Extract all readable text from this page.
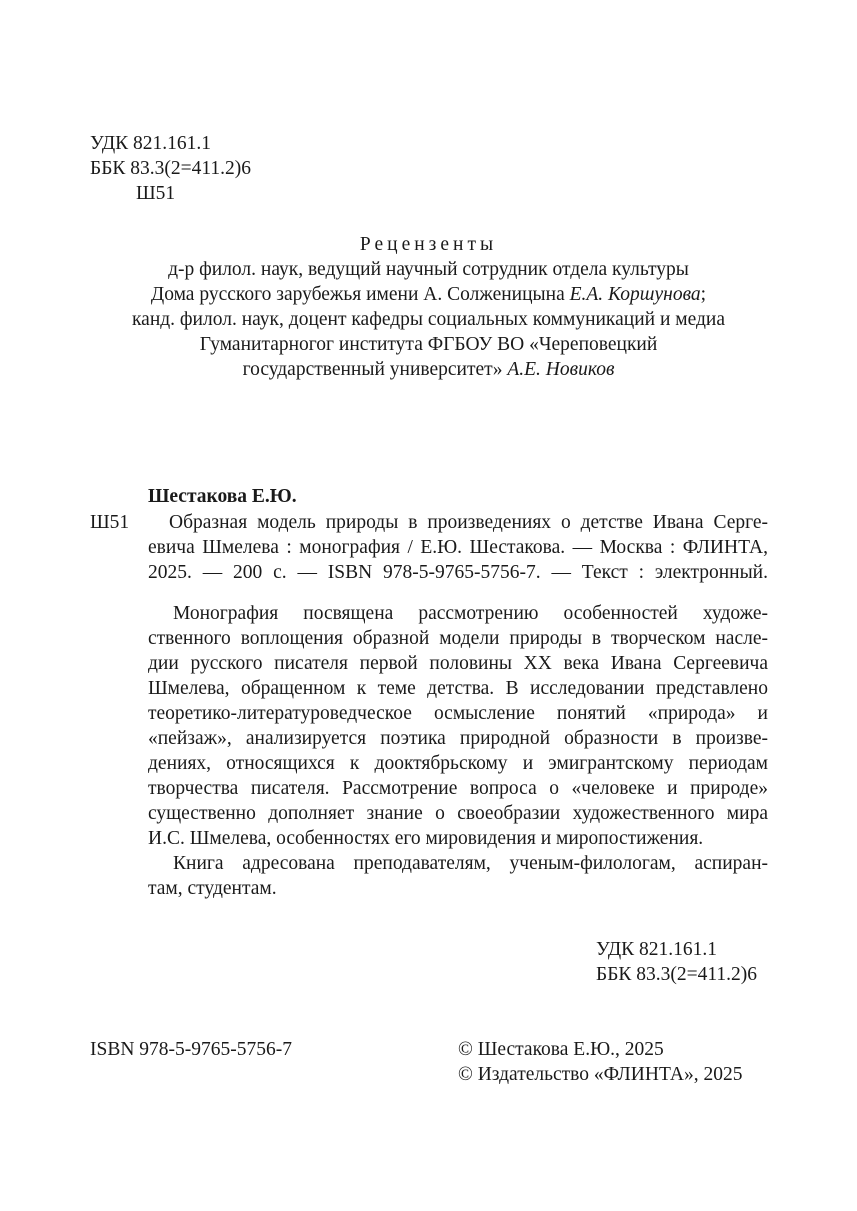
УДК 821.161.1
ББК 83.3(2=411.2)6
Ш51
Рецензенты
д-р филол. наук, ведущий научный сотрудник отдела культуры
Дома русского зарубежья имени А. Солженицына Е.А. Коршунова;
канд. филол. наук, доцент кафедры социальных коммуникаций и медиа
Гуманитарногог института ФГБОУ ВО «Череповецкий
государственный университет» А.Е. Новиков
Шестакова Е.Ю.
Ш51	Образная модель природы в произведениях о детстве Ивана Серге-
евича Шмелева : монография / Е.Ю. Шестакова. — Москва : ФЛИНТА,
2025. — 200 с. — ISBN 978-5-9765-5756-7. — Текст : электронный.
Монография посвящена рассмотрению особенностей художе-
ственного воплощения образной модели природы в творческом насле-
дии русского писателя первой половины XX века Ивана Сергеевича
Шмелева, обращенном к теме детства. В исследовании представлено
теоретико-литературоведческое осмысление понятий «природа» и
«пейзаж», анализируется поэтика природной образности в произве-
дениях, относящихся к дооктябрьскому и эмигрантскому периодам
творчества писателя. Рассмотрение вопроса о «человеке и природе»
существенно дополняет знание о своеобразии художественного мира
И.С. Шмелева, особенностях его мировидения и миропостижения.
Книга адресована преподавателям, ученым-филологам, аспиран-
там, студентам.
УДК 821.161.1
ББК 83.3(2=411.2)6
ISBN 978-5-9765-5756-7	© Шестакова Е.Ю., 2025
© Издательство «ФЛИНТА», 2025
